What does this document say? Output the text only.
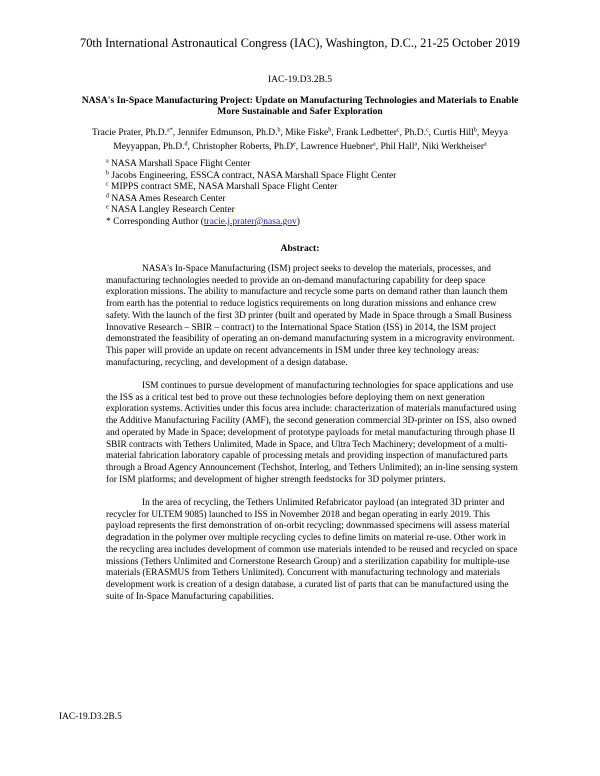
70th International Astronautical Congress (IAC), Washington, D.C., 21-25 October 2019
IAC-19.D3.2B.5
NASA's In-Space Manufacturing Project: Update on Manufacturing Technologies and Materials to Enable More Sustainable and Safer Exploration
Tracie Prater, Ph.D.$^{a*}$, Jennifer Edmunson, Ph.D.$^b$, Mike Fiske$^b$, Frank Ledbetter$^c$, Ph.D.$^c$, Curtis Hill$^b$, Meyya Meyyappan, Ph.D.$^d$, Christopher Roberts, Ph.De, Lawrence Huebner$^a$, Phil Hall$^a$, Niki Werkheiser$^a$
$^a$ NASA Marshall Space Flight Center
$^b$ Jacobs Engineering, ESSCA contract, NASA Marshall Space Flight Center
$^c$ MIPPS contract SME, NASA Marshall Space Flight Center
$^d$ NASA Ames Research Center
$^e$ NASA Langley Research Center
* Corresponding Author (tracie.j.prater@nasa.gov)
Abstract:

NASA's In-Space Manufacturing (ISM) project seeks to develop the materials, processes, and manufacturing technologies needed to provide an on-demand manufacturing capability for deep space exploration missions. The ability to manufacture and recycle some parts on demand rather than launch them from earth has the potential to reduce logistics requirements on long duration missions and enhance crew safety. With the launch of the first 3D printer (built and operated by Made in Space through a Small Business Innovative Research – SBIR – contract) to the International Space Station (ISS) in 2014, the ISM project demonstrated the feasibility of operating an on-demand manufacturing system in a microgravity environment. This paper will provide an update on recent advancements in ISM under three key technology areas: manufacturing, recycling, and development of a design database.

ISM continues to pursue development of manufacturing technologies for space applications and use the ISS as a critical test bed to prove out these technologies before deploying them on next generation exploration systems. Activities under this focus area include: characterization of materials manufactured using the Additive Manufacturing Facility (AMF), the second generation commercial 3D-printer on ISS, also owned and operated by Made in Space; development of prototype payloads for metal manufacturing through phase II SBIR contracts with Tethers Unlimited, Made in Space, and Ultra Tech Machinery; development of a multi-material fabrication laboratory capable of processing metals and providing inspection of manufactured parts through a Broad Agency Announcement (Techshot, Interlog, and Tethers Unlimited); an in-line sensing system for ISM platforms; and development of higher strength feedstocks for 3D polymer printers.

In the area of recycling, the Tethers Unlimited Refabricator payload (an integrated 3D printer and recycler for ULTEM 9085) launched to ISS in November 2018 and began operating in early 2019. This payload represents the first demonstration of on-orbit recycling; downmassed specimens will assess material degradation in the polymer over multiple recycling cycles to define limits on material re-use. Other work in the recycling area includes development of common use materials intended to be reused and recycled on space missions (Tethers Unlimited and Cornerstone Research Group) and a sterilization capability for multiple-use materials (ERASMUS from Tethers Unlimited). Concurrent with manufacturing technology and materials development work is creation of a design database, a curated list of parts that can be manufactured using the suite of In-Space Manufacturing capabilities.

IAC-19.D3.2B.5
